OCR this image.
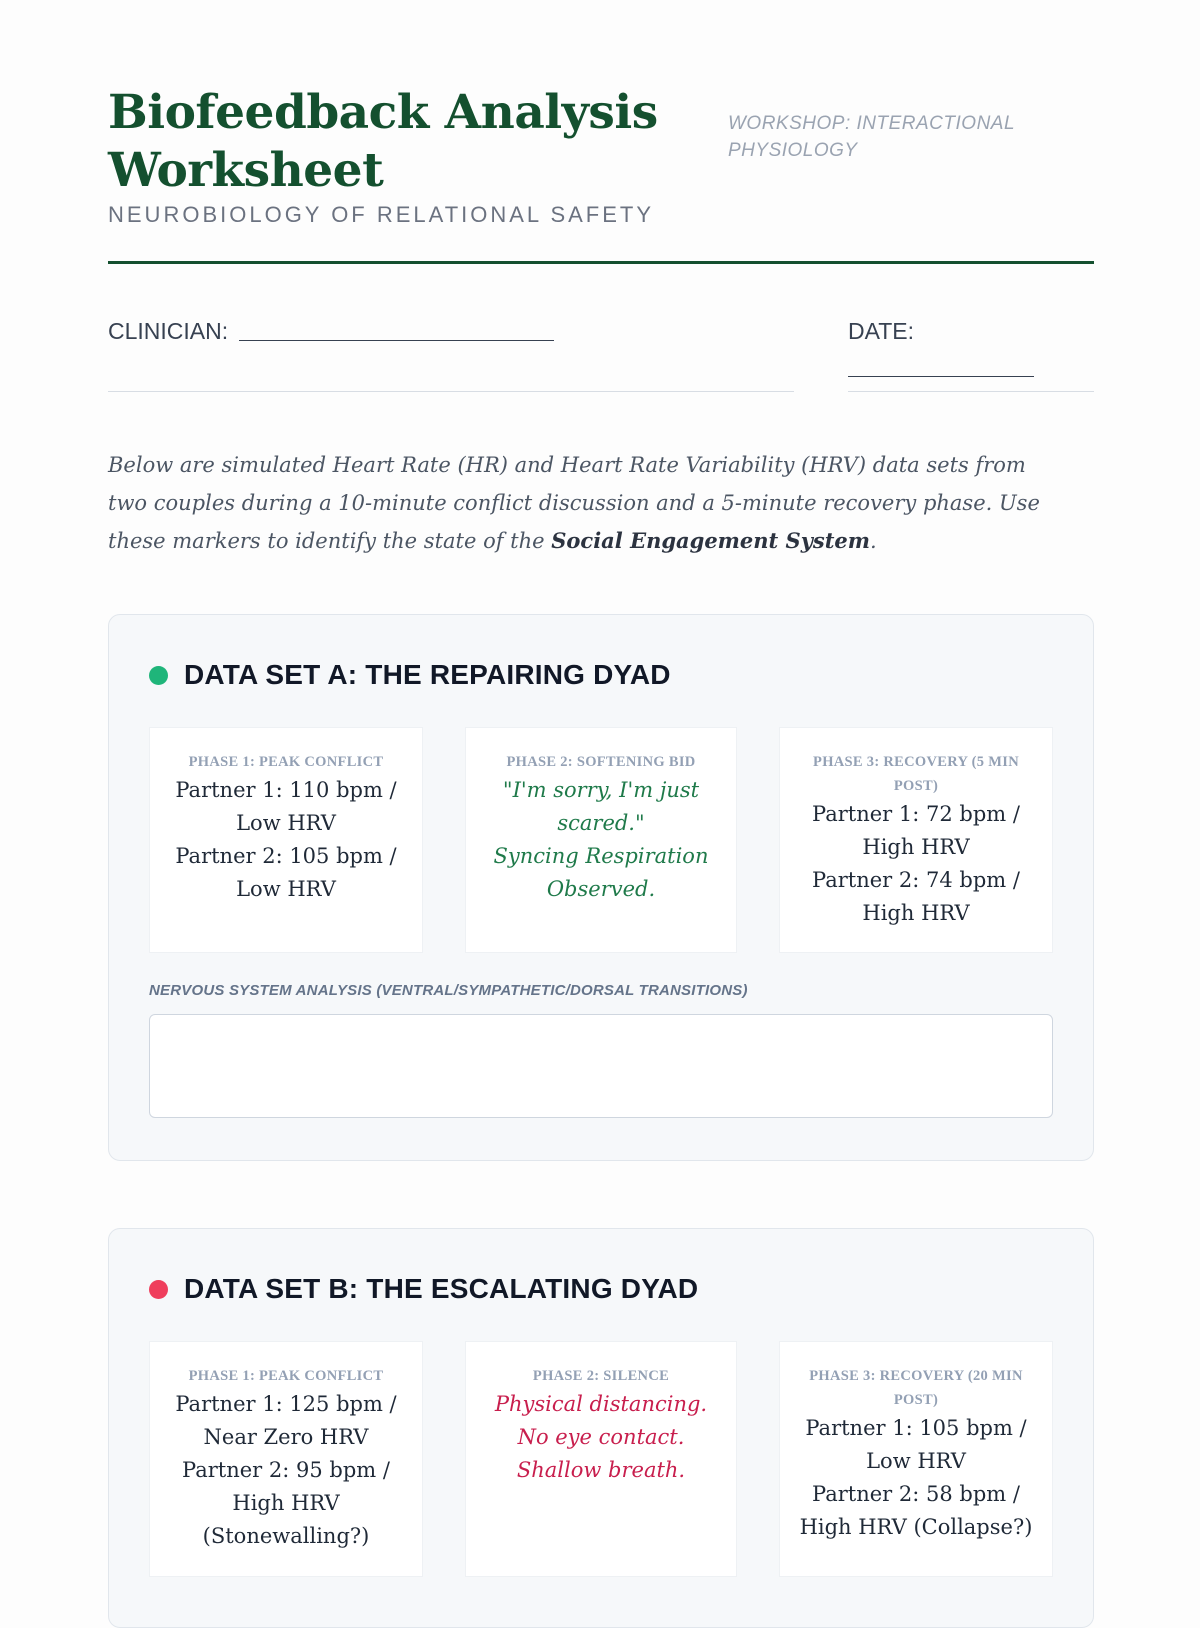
Biofeedback Analysis Worksheet
NEUROBIOLOGY OF RELATIONAL SAFETY
WORKSHOP: INTERACTIONAL PHYSIOLOGY
CLINICIAN:	DATE:
Below are simulated Heart Rate (HR) and Heart Rate Variability (HRV) data sets from two couples during a 10-minute conflict discussion and a 5-minute recovery phase. Use these markers to identify the state of the Social Engagement System.
DATA SET A: THE REPAIRING DYAD
PHASE 1: PEAK CONFLICT
Partner 1: 110 bpm /
Low HRV
Partner 2: 105 bpm /
Low HRV
PHASE 2: SOFTENING BID
"I'm sorry, I'm just
scared."
Syncing Respiration
Observed.
PHASE 3: RECOVERY (5 MIN POST)
Partner 1: 72 bpm /
High HRV
Partner 2: 74 bpm /
High HRV
NERVOUS SYSTEM ANALYSIS (VENTRAL/SYMPATHETIC/DORSAL TRANSITIONS)
DATA SET B: THE ESCALATING DYAD
PHASE 1: PEAK CONFLICT
Partner 1: 125 bpm /
Near Zero HRV
Partner 2: 95 bpm /
High HRV
(Stonewalling?)
PHASE 2: SILENCE
Physical distancing.
No eye contact.
Shallow breath.
PHASE 3: RECOVERY (20 MIN POST)
Partner 1: 105 bpm /
Low HRV
Partner 2: 58 bpm /
High HRV (Collapse?)
